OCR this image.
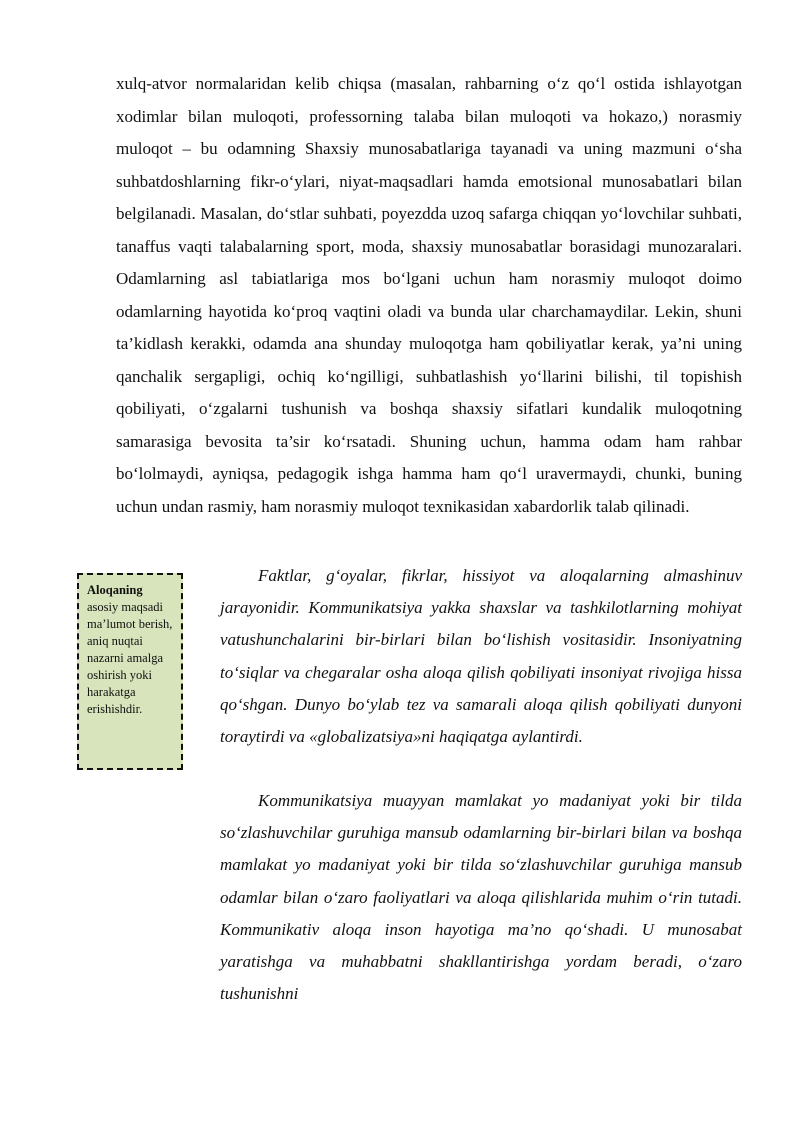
xulq-atvor normalaridan kelib chiqsa (masalan, rahbarning o‘z qo‘l ostida ishlayotgan xodimlar bilan muloqoti, professorning talaba bilan muloqoti va hokazo,) norasmiy muloqot – bu odamning Shaxsiy munosabatlariga tayanadi va uning mazmuni o‘sha suhbatdoshlarning fikr-o‘ylari, niyat-maqsadlari hamda emotsional munosabatlari bilan belgilanadi. Masalan, do‘stlar suhbati, poyezdda uzoq safarga chiqqan yo‘lovchilar suhbati, tanaffus vaqti talabalarning sport, moda, shaxsiy munosabatlar borasidagi munozaralari. Odamlarning asl tabiatlariga mos bo‘lgani uchun ham norasmiy muloqot doimo odamlarning hayotida ko‘proq vaqtini oladi va bunda ular charchamaydilar. Lekin, shuni ta’kidlash kerakki, odamda ana shunday muloqotga ham qobiliyatlar kerak, ya’ni uning qanchalik sergapligi, ochiq ko‘ngilligi, suhbatlashish yo‘llarini bilishi, til topishish qobiliyati, o‘zgalarni tushunish va boshqa shaxsiy sifatlari kundalik muloqotning samarasiga bevosita ta’sir ko‘rsatadi. Shuning uchun, hamma odam ham rahbar bo‘lolmaydi, ayniqsa, pedagogik ishga hamma ham qo‘l uravermaydi, chunki, buning uchun undan rasmiy, ham norasmiy muloqot texnikasidan xabardorlik talab qilinadi.

Aloqaning
asosiy maqsadi ma’lumot berish, aniq nuqtai nazarni amalga oshirish yoki harakatga erishishdir.

Faktlar, g‘oyalar, fikrlar, hissiyot va aloqalarning almashinuv jarayonidir. Kommunikatsiya yakka shaxslar va tashkilotlarning mohiyat vatushunchalarini bir-birlari bilan bo‘lishish vositasidir. Insoniyatning to‘siqlar va chegaralar osha aloqa qilish qobiliyati insoniyat rivojiga hissa qo‘shgan. Dunyo bo‘ylab tez va samarali aloqa qilish qobiliyati dunyoni toraytirdi va «globalizatsiya»ni haqiqatga aylantirdi.

Kommunikatsiya muayyan mamlakat yo madaniyat yoki bir tilda so‘zlashuvchilar guruhiga mansub odamlarning bir-birlari bilan va boshqa mamlakat yo madaniyat yoki bir tilda so‘zlashuvchilar guruhiga mansub odamlar bilan o‘zaro faoliyatlari va aloqa qilishlarida muhim o‘rin tutadi. Kommunikativ aloqa inson hayotiga ma’no qo‘shadi. U munosabat yaratishga va muhabbatni shakllantirishga yordam beradi, o‘zaro tushunishni
